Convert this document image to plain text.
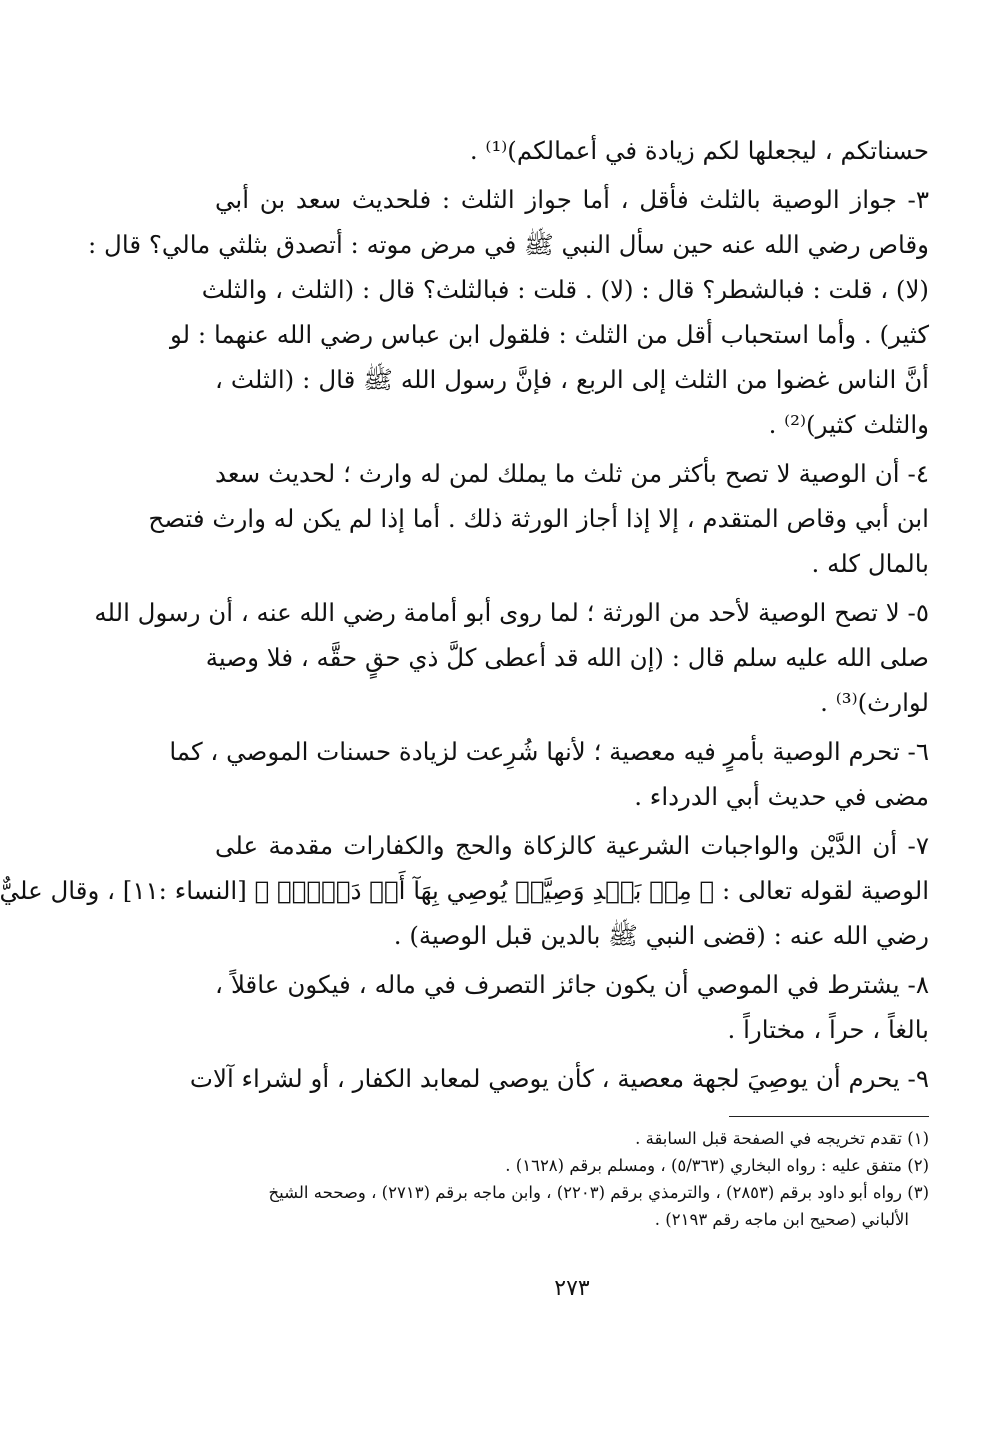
حسناتكم ، ليجعلها لكم زيادة في أعمالكم)⁽¹⁾ .

٣- جواز الوصية بالثلث فأقل ، أما جواز الثلث : فلحديث سعد بن أبي
وقاص رضي الله عنه حين سأل النبي ﷺ في مرض موته : أتصدق بثلثي مالي؟ قال :
(لا) ، قلت : فبالشطر؟ قال : (لا) . قلت : فبالثلث؟ قال : (الثلث ، والثلث
كثير) . وأما استحباب أقل من الثلث : فلقول ابن عباس رضي الله عنهما : لو
أنَّ الناس غضوا من الثلث إلى الربع ، فإنَّ رسول الله ﷺ قال : (الثلث ،
والثلث كثير)⁽²⁾ .

٤- أن الوصية لا تصح بأكثر من ثلث ما يملك لمن له وارث ؛ لحديث سعد
ابن أبي وقاص المتقدم ، إلا إذا أجاز الورثة ذلك . أما إذا لم يكن له وارث فتصح
بالمال كله .

٥- لا تصح الوصية لأحد من الورثة ؛ لما روى أبو أمامة رضي الله عنه ، أن رسول الله
صلى الله عليه سلم قال : (إن الله قد أعطى كلَّ ذي حقٍ حقَّه ، فلا وصية
لوارث)⁽³⁾ .

٦- تحرم الوصية بأمرٍ فيه معصية ؛ لأنها شُرِعت لزيادة حسنات الموصي ، كما
مضى في حديث أبي الدرداء .

٧- أن الدَّيْن والواجبات الشرعية كالزكاة والحج والكفارات مقدمة على
الوصية لقوله تعالى : ﴿ مِنۢ بَعۡدِ وَصِيَّةٖ يُوصِي بِهَآ أَوۡ دَيۡنٍۗ ﴾ [النساء :١١] ، وقال عليٌّ
رضي الله عنه : (قضى النبي ﷺ بالدين قبل الوصية) .

٨- يشترط في الموصي أن يكون جائز التصرف في ماله ، فيكون عاقلاً ،
بالغاً ، حراً ، مختاراً .

٩- يحرم أن يوصِيَ لجهة معصية ، كأن يوصي لمعابد الكفار ، أو لشراء آلات

(١) تقدم تخريجه في الصفحة قبل السابقة .

(٢) متفق عليه : رواه البخاري (٥/٣٦٣) ، ومسلم برقم (١٦٢٨) .

(٣) رواه أبو داود برقم (٢٨٥٣) ، والترمذي برقم (٢٢٠٣) ، وابن ماجه برقم (٢٧١٣) ، وصححه الشيخ
الألباني (صحيح ابن ماجه رقم ٢١٩٣) .

٢٧٣
